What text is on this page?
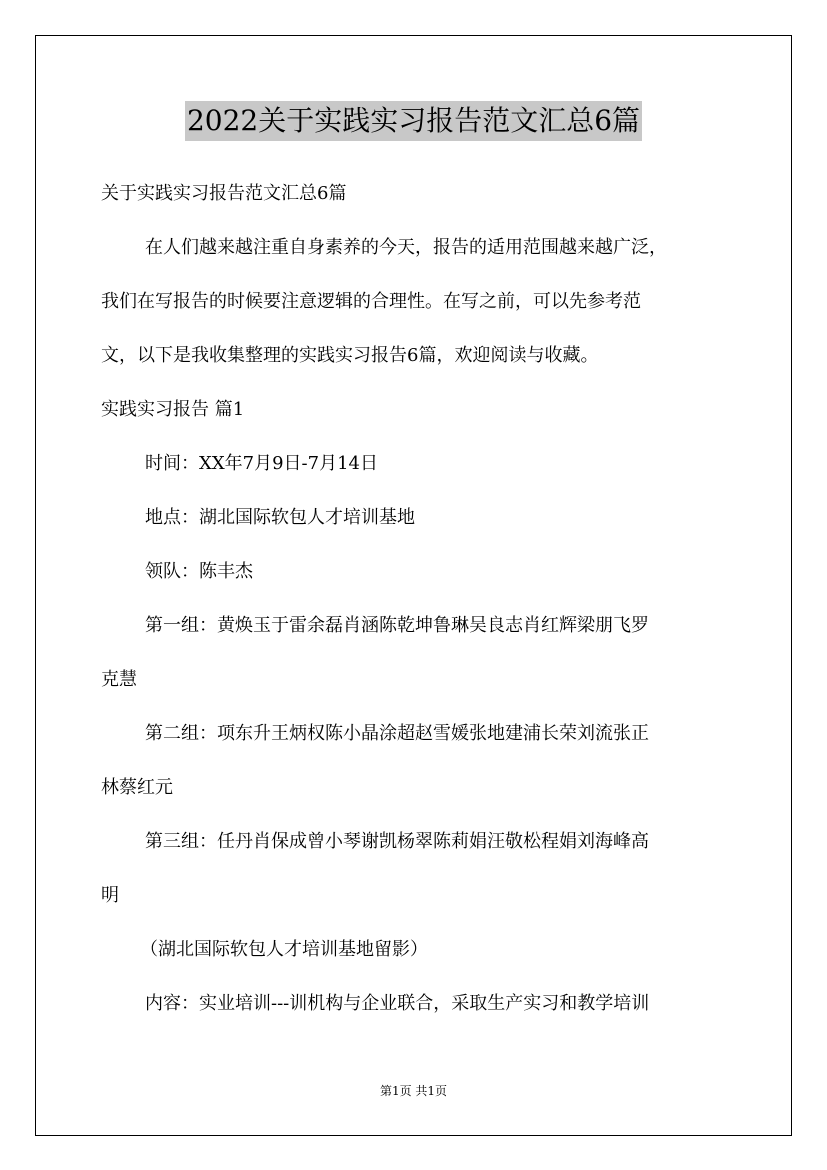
2022关于实践实习报告范文汇总6篇
关于实践实习报告范文汇总6篇
在人们越来越注重自身素养的今天，报告的适用范围越来越广泛，
我们在写报告的时候要注意逻辑的合理性。在写之前，可以先参考范
文，以下是我收集整理的实践实习报告6篇，欢迎阅读与收藏。
实践实习报告 篇1
时间：XX年7月9日-7月14日
地点：湖北国际软包人才培训基地
领队：陈丰杰
第一组：黄焕玉于雷余磊肖涵陈乾坤鲁琳吴良志肖红辉梁朋飞罗
克慧
第二组：项东升王炳权陈小晶涂超赵雪媛张地建浦长荣刘流张正
林蔡红元
第三组：任丹肖保成曾小琴谢凯杨翠陈莉娟汪敬松程娟刘海峰高
明
（湖北国际软包人才培训基地留影）
内容：实业培训---训机构与企业联合，采取生产实习和教学培训
第1页 共1页
